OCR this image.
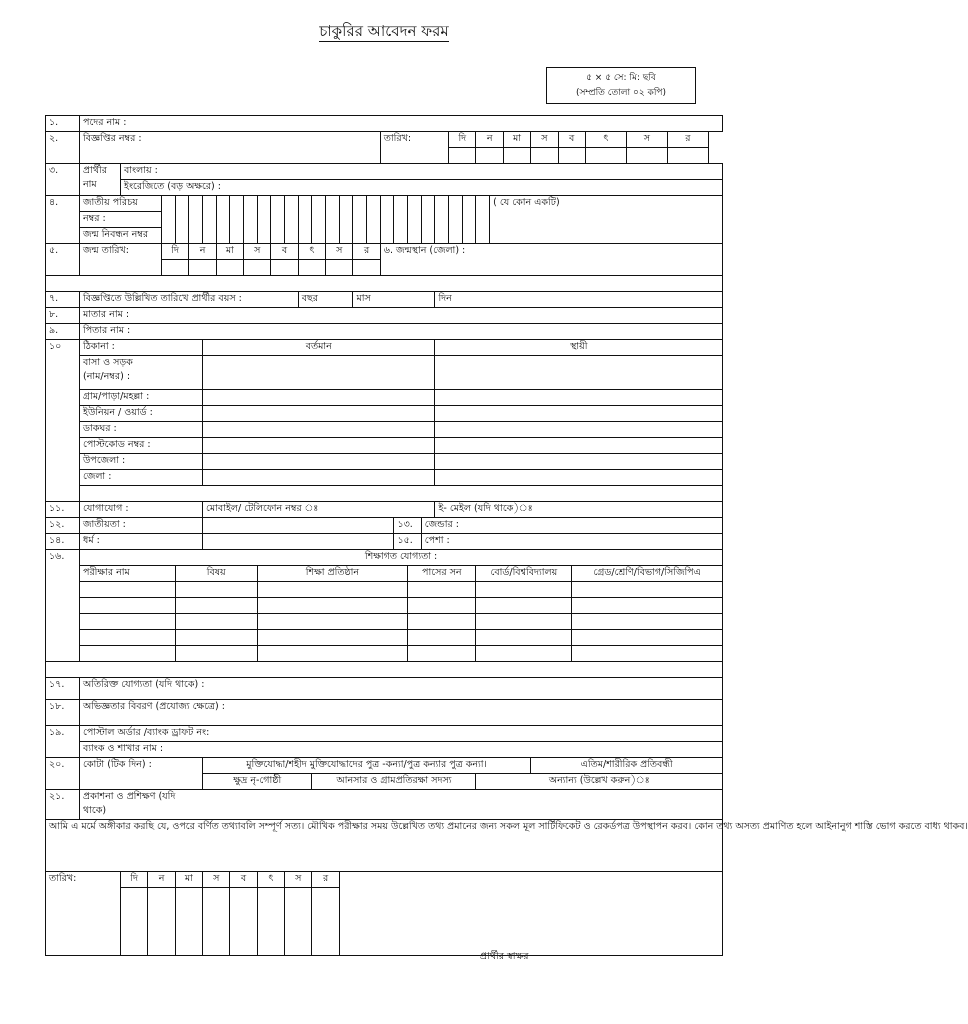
চাকুরির আবেদন ফরম
৫ × ৫ সে: মি: ছবি
(সম্প্রতি তোলা ০২ কপি)
১.	পদের নাম :																																		
২.	বিজ্ঞপ্তির নম্বর :																			তারিখ:					দি		ন		মা	স	ব		ৎ	স	র

৩.	প্রার্থীর
নাম	বাংলায় :																																	
		ইংরেজিতে (বড় অক্ষরে) :																																	
৪.	জাতীয় পরিচয়																											( যে কোন একটি)							
	নম্বর :																																		
	জন্ম নিবন্ধন নম্বর																																		
৫.	জন্ম তারিখ:			দি		ন		মা		স		ব		ৎ		স		র		৬. জন্মস্থান (জেলা) :															

৭.	বিজ্ঞপ্তিতে উল্লিখিত তারিখে প্রার্থীর বয়স :													বছর				মাস						দিন											
৮.	মাতার নাম :																																		
৯.	পিতার নাম :																																		
১০	ঠিকানা :						বর্তমান																	স্থায়ী											
	বাসা ও সড়ক
(নাম/নম্বর) :																																		
	গ্রাম/পাড়া/মহল্লা :																																		
	ইউনিয়ন / ওয়ার্ড :																																		
	ডাকঘর :																																		
	পোস্টকোড নম্বর :																																		
	উপজেলা :																																		
	জেলা :																																		

১১.	যোগাযোগ :						মোবাইল/ টেলিফোন নম্বর ঃ																	ই- মেইল (যদি থাকে)ঃ											
১২.	জাতীয়তা :																				১৩.		জেন্ডার :												
১৪.	ধর্ম :																				১৫.		পেশা :												
১৬.	শিক্ষাগত যোগ্যতা :																																		
	পরীক্ষার নাম				বিষয়						শিক্ষা প্রতিষ্ঠান											পাসের সন					বোর্ড/বিশ্ববিদ্যালয়					গ্রেড/শ্রেণি/বিভাগ/সিজিপিএ			

১৭.	অতিরিক্ত যোগ্যতা (যদি থাকে) :																																		
১৮.	অভিজ্ঞতার বিবরণ (প্রযোজ্য ক্ষেত্রে) :																																		
১৯.	পোস্টাল অর্ডার /ব্যাংক ড্রাফট নং:																																		
	ব্যাংক ও শাখার নাম :																																		
২০.	কোটা (টিক দিন) :						মুক্তিযোদ্ধা/শহীদ মুক্তিযোদ্ধাদের পুত্র -কন্যা/পুত্র কন্যার পুত্র কন্যা।																							এতিম/শারীরিক প্রতিবন্ধী					
							ক্ষুদ্র নৃ-গোষ্ঠী								আনসার ও গ্রামপ্রতিরক্ষা সদস্য												অন্যান্য (উল্লেখ করুন)ঃ								
২১.	প্রকাশনা ও প্রশিক্ষণ (যদি
থাকে)																																		
আমি এ মর্মে অঙ্গীকার করছি যে, ওপরে বর্ণিত তথ্যাবলি সম্পূর্ণ সত্য। মৌখিক পরীক্ষার সময় উল্লেখিত তথ্য প্রমানের জন্য সকল মূল সার্টিফিকেট ও রেকর্ডপত্র উপস্থাপন করব। কোন তথ্য অসত্য প্রমাণিত হলে আইনানুগ শাস্তি ভোগ করতে বাধ্য থাকব।																																			
তারিখ:		দি	ন		মা		স		ব		ৎ		স		র																				

প্রার্থীর স্বাক্ষর
